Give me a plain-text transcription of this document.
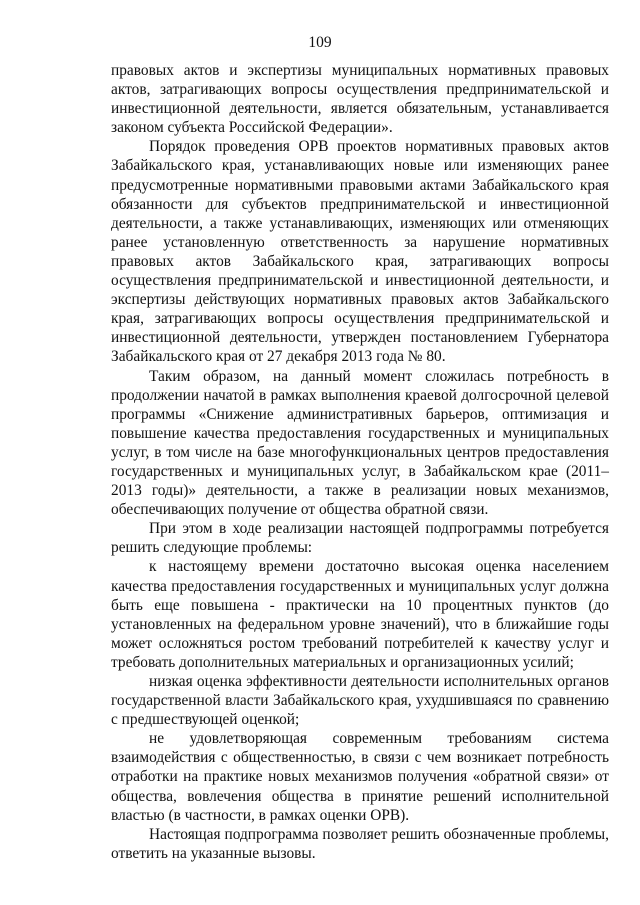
109

правовых актов и экспертизы муниципальных нормативных правовых актов, затрагивающих вопросы осуществления предпринимательской и инвестиционной деятельности, является обязательным, устанавливается законом субъекта Российской Федерации».

Порядок проведения ОРВ проектов нормативных правовых актов Забайкальского края, устанавливающих новые или изменяющих ранее предусмотренные нормативными правовыми актами Забайкальского края обязанности для субъектов предпринимательской и инвестиционной деятельности, а также устанавливающих, изменяющих или отменяющих ранее установленную ответственность за нарушение нормативных правовых актов Забайкальского края, затрагивающих вопросы осуществления предпринимательской и инвестиционной деятельности, и экспертизы действующих нормативных правовых актов Забайкальского края, затрагивающих вопросы осуществления предпринимательской и инвестиционной деятельности, утвержден постановлением Губернатора Забайкальского края от 27 декабря 2013 года № 80.

Таким образом, на данный момент сложилась потребность в продолжении начатой в рамках выполнения краевой долгосрочной целевой программы «Снижение административных барьеров, оптимизация и повышение качества предоставления государственных и муниципальных услуг, в том числе на базе многофункциональных центров предоставления государственных и муниципальных услуг, в Забайкальском крае (2011–2013 годы)» деятельности, а также в реализации новых механизмов, обеспечивающих получение от общества обратной связи.

При этом в ходе реализации настоящей подпрограммы потребуется решить следующие проблемы:

к настоящему времени достаточно высокая оценка населением качества предоставления государственных и муниципальных услуг должна быть еще повышена - практически на 10 процентных пунктов (до установленных на федеральном уровне значений), что в ближайшие годы может осложняться ростом требований потребителей к качеству услуг и требовать дополнительных материальных и организационных усилий;

низкая оценка эффективности деятельности исполнительных органов государственной власти Забайкальского края, ухудшившаяся по сравнению с предшествующей оценкой;

не удовлетворяющая современным требованиям система взаимодействия с общественностью, в связи с чем возникает потребность отработки на практике новых механизмов получения «обратной связи» от общества, вовлечения общества в принятие решений исполнительной властью (в частности, в рамках оценки ОРВ).

Настоящая подпрограмма позволяет решить обозначенные проблемы, ответить на указанные вызовы.
